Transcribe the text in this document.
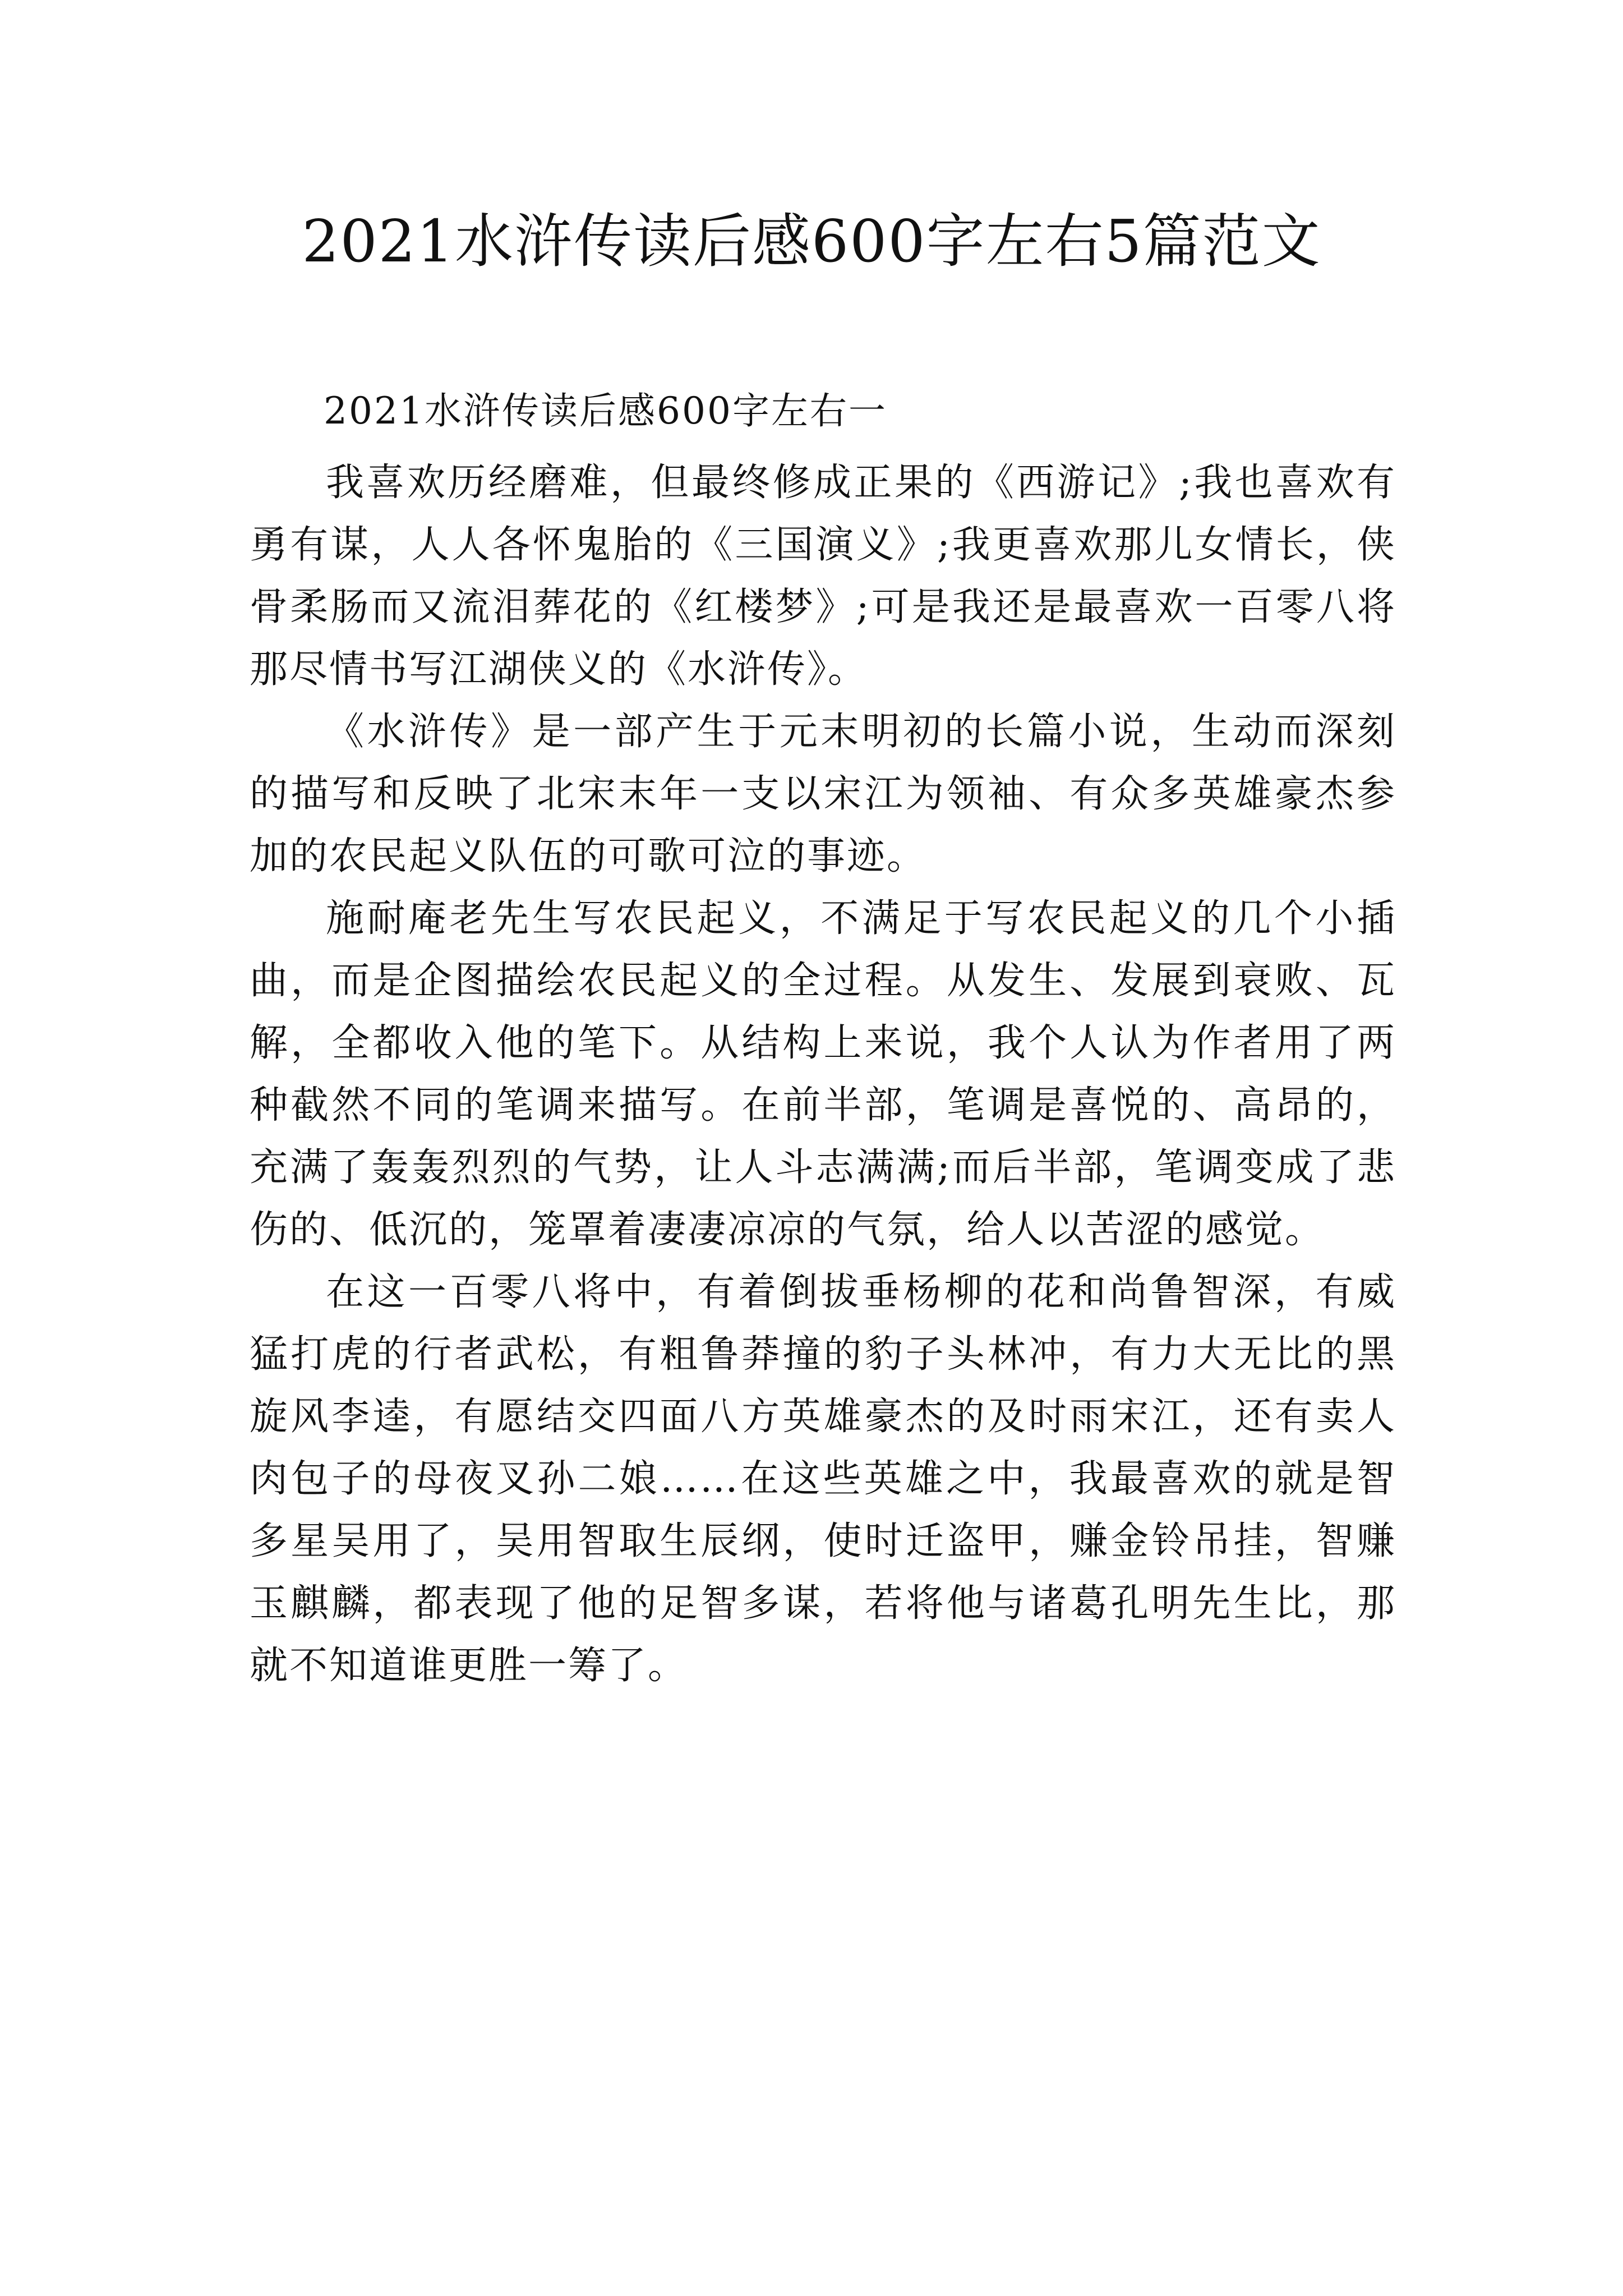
2021水浒传读后感600字左右5篇范文
2021水浒传读后感600字左右一

我喜欢历经磨难，但最终修成正果的《西游记》;我也喜欢有勇有谋，人人各怀鬼胎的《三国演义》;我更喜欢那儿女情长，侠骨柔肠而又流泪葬花的《红楼梦》;可是我还是最喜欢一百零八将那尽情书写江湖侠义的《水浒传》。

《水浒传》是一部产生于元末明初的长篇小说，生动而深刻的描写和反映了北宋末年一支以宋江为领袖、有众多英雄豪杰参加的农民起义队伍的可歌可泣的事迹。

施耐庵老先生写农民起义，不满足于写农民起义的几个小插曲，而是企图描绘农民起义的全过程。从发生、发展到衰败、瓦解，全都收入他的笔下。从结构上来说，我个人认为作者用了两种截然不同的笔调来描写。在前半部，笔调是喜悦的、高昂的，充满了轰轰烈烈的气势，让人斗志满满;而后半部，笔调变成了悲伤的、低沉的，笼罩着凄凄凉凉的气氛，给人以苦涩的感觉。

在这一百零八将中，有着倒拔垂杨柳的花和尚鲁智深，有威猛打虎的行者武松，有粗鲁莽撞的豹子头林冲，有力大无比的黑旋风李逵，有愿结交四面八方英雄豪杰的及时雨宋江，还有卖人肉包子的母夜叉孙二娘……在这些英雄之中，我最喜欢的就是智多星吴用了，吴用智取生辰纲，使时迁盗甲，赚金铃吊挂，智赚玉麒麟，都表现了他的足智多谋，若将他与诸葛孔明先生比，那就不知道谁更胜一筹了。
